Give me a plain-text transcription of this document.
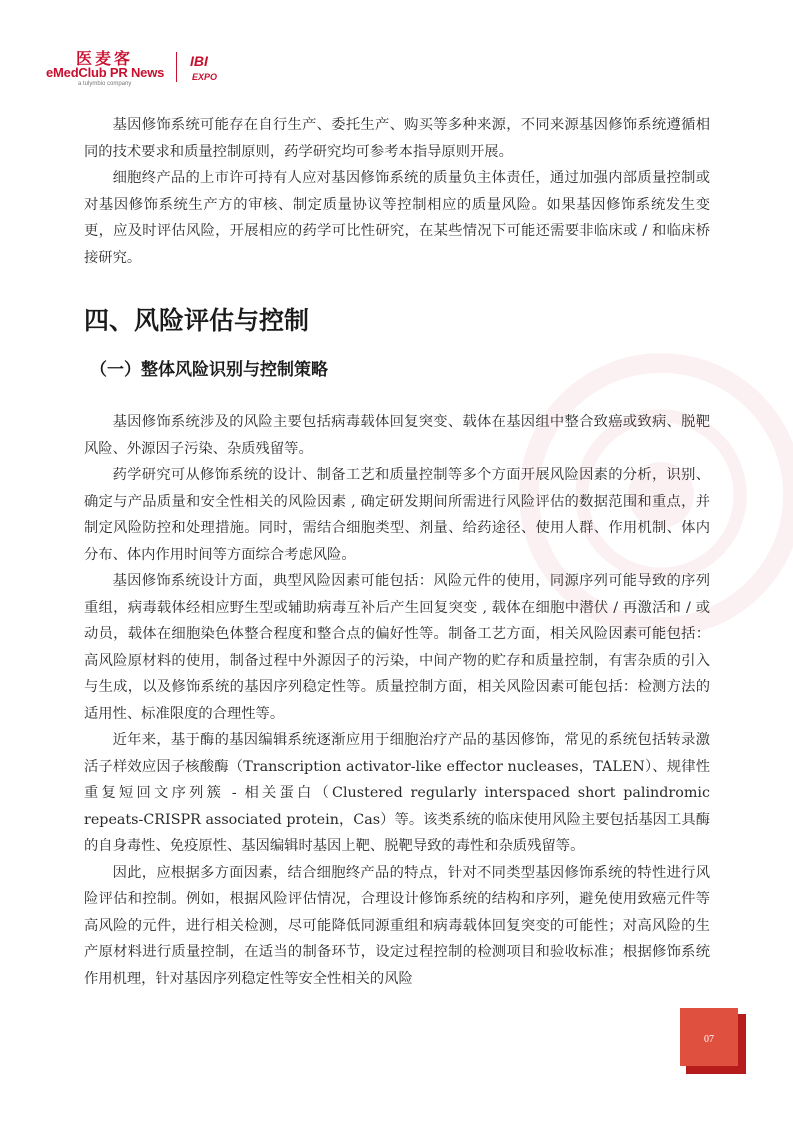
医麦客
eMedClub PR News
a tulymbio company
IBI
EXPO

基因修饰系统可能存在自行生产、委托生产、购买等多种来源，不同来源基因修饰系统遵循相同的技术要求和质量控制原则，药学研究均可参考本指导原则开展。

细胞终产品的上市许可持有人应对基因修饰系统的质量负主体责任，通过加强内部质量控制或对基因修饰系统生产方的审核、制定质量协议等控制相应的质量风险。如果基因修饰系统发生变更，应及时评估风险，开展相应的药学可比性研究，在某些情况下可能还需要非临床或 / 和临床桥接研究。

四、风险评估与控制
（一）整体风险识别与控制策略

基因修饰系统涉及的风险主要包括病毒载体回复突变、载体在基因组中整合致癌或致病、脱靶风险、外源因子污染、杂质残留等。

药学研究可从修饰系统的设计、制备工艺和质量控制等多个方面开展风险因素的分析，识别、确定与产品质量和安全性相关的风险因素 , 确定研发期间所需进行风险评估的数据范围和重点，并制定风险防控和处理措施。同时，需结合细胞类型、剂量、给药途径、使用人群、作用机制、体内分布、体内作用时间等方面综合考虑风险。

基因修饰系统设计方面，典型风险因素可能包括：风险元件的使用，同源序列可能导致的序列重组，病毒载体经相应野生型或辅助病毒互补后产生回复突变 , 载体在细胞中潜伏 / 再激活和 / 或动员，载体在细胞染色体整合程度和整合点的偏好性等。制备工艺方面，相关风险因素可能包括：高风险原材料的使用，制备过程中外源因子的污染，中间产物的贮存和质量控制，有害杂质的引入与生成，以及修饰系统的基因序列稳定性等。质量控制方面，相关风险因素可能包括：检测方法的适用性、标准限度的合理性等。

近年来，基于酶的基因编辑系统逐渐应用于细胞治疗产品的基因修饰，常见的系统包括转录激活子样效应因子核酸酶（Transcription activator-like effector nucleases，TALEN）、规律性重复短回文序列簇 - 相关蛋白（Clustered regularly interspaced short palindromic repeats-CRISPR associated protein，Cas）等。该类系统的临床使用风险主要包括基因工具酶的自身毒性、免疫原性、基因编辑时基因上靶、脱靶导致的毒性和杂质残留等。

因此，应根据多方面因素，结合细胞终产品的特点，针对不同类型基因修饰系统的特性进行风险评估和控制。例如，根据风险评估情况，合理设计修饰系统的结构和序列，避免使用致癌元件等高风险的元件，进行相关检测，尽可能降低同源重组和病毒载体回复突变的可能性；对高风险的生产原材料进行质量控制，在适当的制备环节，设定过程控制的检测项目和验收标准；根据修饰系统作用机理，针对基因序列稳定性等安全性相关的风险

07
